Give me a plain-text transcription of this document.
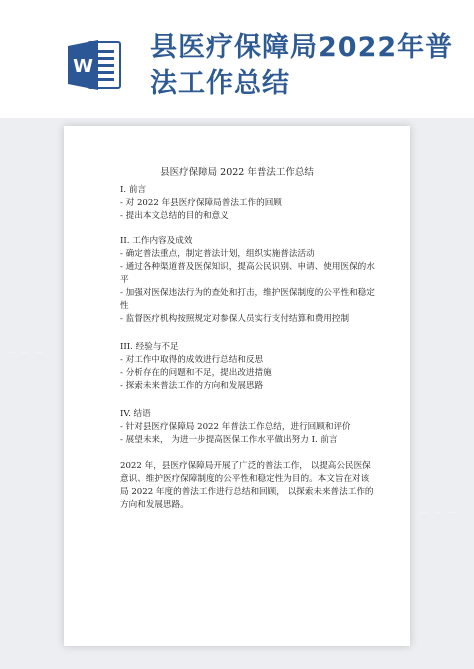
W
县医疗保障局2022年普法工作总结
— — —
— — —
县医疗保障局 2022 年普法工作总结

I. 前言

- 对 2022 年县医疗保障局普法工作的回顾

- 提出本文总结的目的和意义

II. 工作内容及成效

- 确定普法重点，制定普法计划，组织实施普法活动

- 通过各种渠道普及医保知识，提高公民识别、申请、使用医保的水平

- 加强对医保违法行为的查处和打击，维护医保制度的公平性和稳定性

- 监督医疗机构按照规定对参保人员实行支付结算和费用控制

III. 经验与不足

- 对工作中取得的成效进行总结和反思

- 分析存在的问题和不足，提出改进措施

- 探索未来普法工作的方向和发展思路

IV. 结语

- 针对县医疗保障局 2022 年普法工作总结，进行回顾和评价

- 展望未来， 为进一步提高医保工作水平做出努力 I. 前言

2022 年，县医疗保障局开展了广泛的普法工作， 以提高公民医保意识、维护医疗保障制度的公平性和稳定性为目的。本文旨在对该局 2022 年度的普法工作进行总结和回顾， 以探索未来普法工作的方向和发展思路。
